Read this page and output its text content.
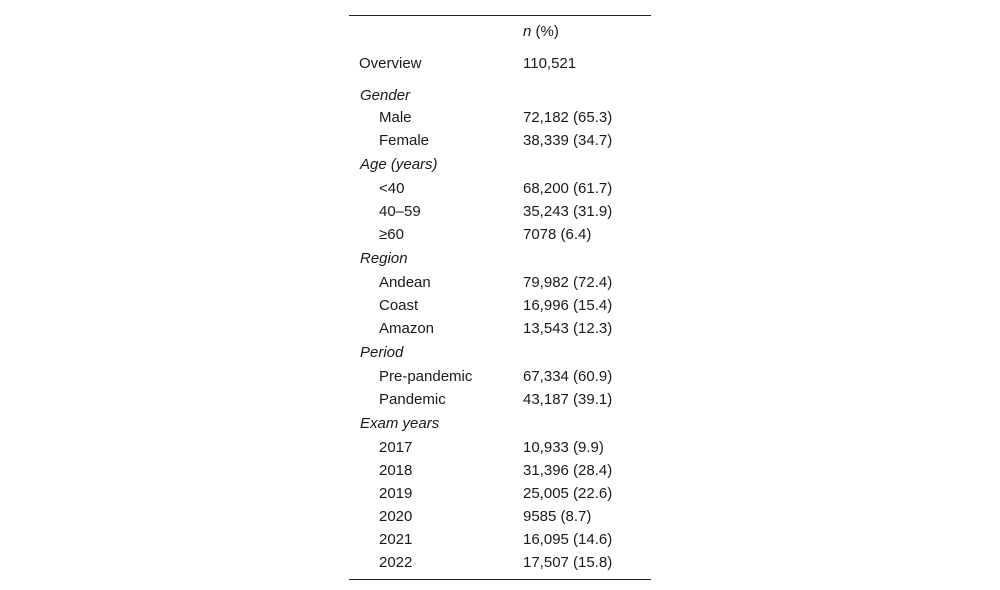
n (%)
Overview	110,521
Gender
Male	72,182 (65.3)
Female	38,339 (34.7)
Age (years)
<40	68,200 (61.7)
40–59	35,243 (31.9)
≥60	7078 (6.4)
Region
Andean	79,982 (72.4)
Coast	16,996 (15.4)
Amazon	13,543 (12.3)
Period
Pre-pandemic	67,334 (60.9)
Pandemic	43,187 (39.1)
Exam years
2017	10,933 (9.9)
2018	31,396 (28.4)
2019	25,005 (22.6)
2020	9585 (8.7)
2021	16,095 (14.6)
2022	17,507 (15.8)
